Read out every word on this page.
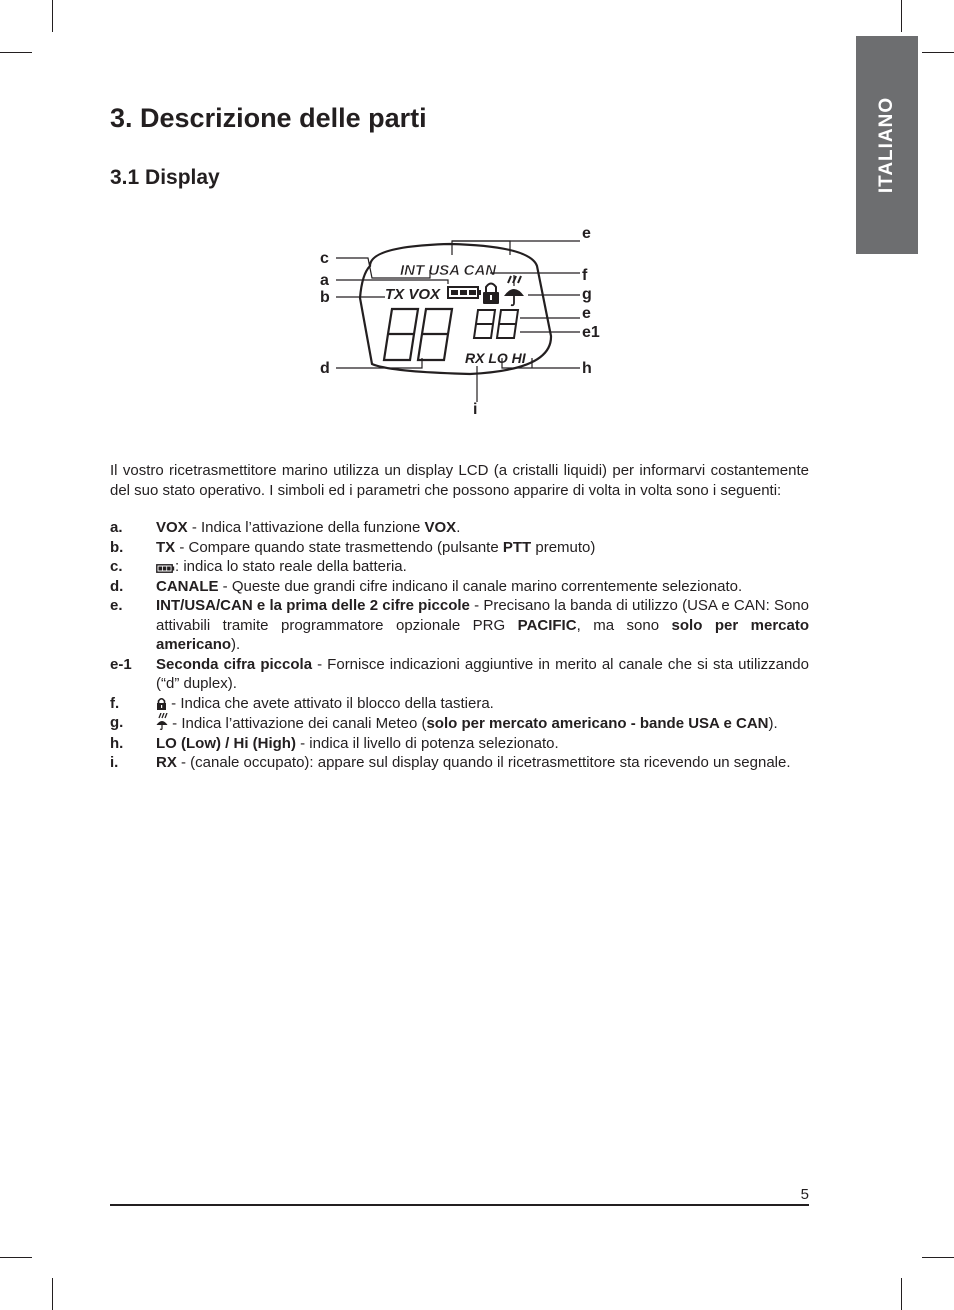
ITALIANO
3. Descrizione delle parti
3.1 Display
INT USA CAN
TX VOX
RX LO HI
c
a
b
d
e
f
g
e
e1
h
i

Il vostro ricetrasmettitore marino utilizza un display LCD (a cristalli liquidi) per informarvi costantemente del suo stato operativo. I simboli ed i parametri che possono apparire di volta in volta sono i seguenti:

a. VOX - Indica l’attivazione della funzione VOX.
b. TX - Compare quando state trasmettendo (pulsante PTT premuto)
c.	: indica lo stato reale della batteria.
d. CANALE - Queste due grandi cifre indicano il canale marino correntemente selezionato.
e. INT/USA/CAN e la prima delle 2 cifre piccole - Precisano la banda di utilizzo (USA e CAN: Sono attivabili tramite programmatore opzionale PRG PACIFIC, ma sono solo per mercato americano).
e-1 Seconda cifra piccola - Fornisce indicazioni aggiuntive in merito al canale che si sta utilizzando (“d” duplex).
f.	- Indica che avete attivato il blocco della tastiera.
g.	- Indica l’attivazione dei canali Meteo (solo per mercato americano - bande USA e CAN).
h. LO (Low) / Hi (High) - indica il livello di potenza selezionato.
i.	RX - (canale occupato): appare sul display quando il ricetrasmettitore sta ricevendo un segnale.
5
